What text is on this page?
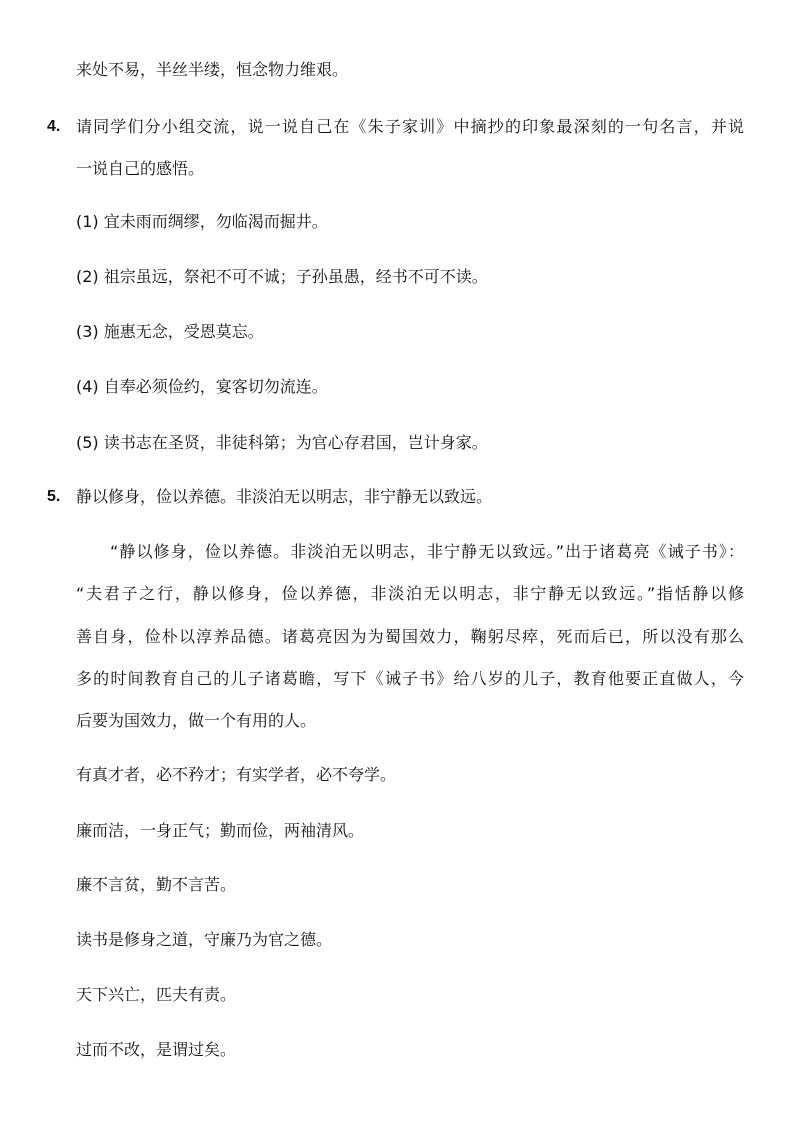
来处不易，半丝半缕，恒念物力维艰。
4. 请同学们分小组交流，说一说自己在《朱子家训》中摘抄的印象最深刻的一句名言，并说
一说自己的感悟。
(1) 宜未雨而绸缪，勿临渴而掘井。
(2) 祖宗虽远，祭祀不可不诚；子孙虽愚，经书不可不读。
(3) 施惠无念，受恩莫忘。
(4) 自奉必须俭约，宴客切勿流连。
(5) 读书志在圣贤，非徒科第；为官心存君国，岂计身家。
5. 静以修身，俭以养德。非淡泊无以明志，非宁静无以致远。
“静以修身，俭以养德。非淡泊无以明志，非宁静无以致远。”出于诸葛亮《诫子书》：
“夫君子之行，静以修身，俭以养德，非淡泊无以明志，非宁静无以致远。”指恬静以修
善自身，俭朴以淳养品德。诸葛亮因为为蜀国效力，鞠躬尽瘁，死而后已，所以没有那么
多的时间教育自己的儿子诸葛瞻，写下《诫子书》给八岁的儿子，教育他要正直做人，今
后要为国效力，做一个有用的人。
有真才者，必不矜才；有实学者，必不夸学。
廉而洁，一身正气；勤而俭，两袖清风。
廉不言贫，勤不言苦。
读书是修身之道，守廉乃为官之德。
天下兴亡，匹夫有责。
过而不改，是谓过矣。
